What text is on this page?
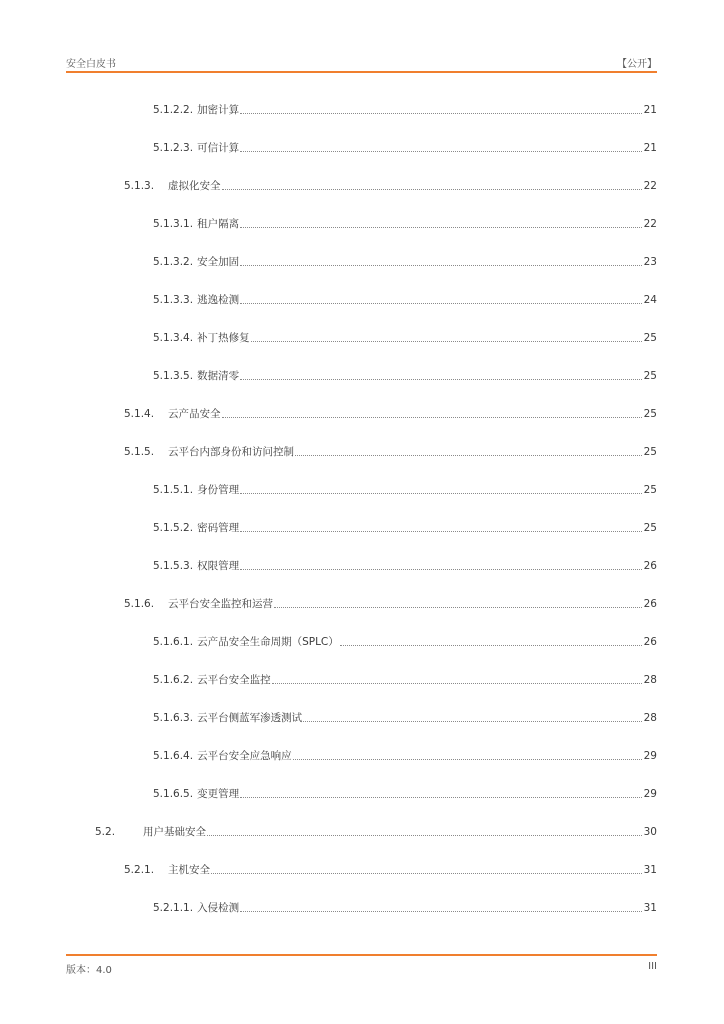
安全白皮书	【公开】
5.1.2.2. 加密计算	21
5.1.2.3. 可信计算	21
5.1.3.	虚拟化安全	22
5.1.3.1. 租户隔离	22
5.1.3.2. 安全加固	23
5.1.3.3. 逃逸检测	24
5.1.3.4. 补丁热修复	25
5.1.3.5. 数据清零	25
5.1.4.	云产品安全	25
5.1.5.	云平台内部身份和访问控制	25
5.1.5.1. 身份管理	25
5.1.5.2. 密码管理	25
5.1.5.3. 权限管理	26
5.1.6.	云平台安全监控和运营	26
5.1.6.1. 云产品安全生命周期（SPLC）	26
5.1.6.2. 云平台安全监控	28
5.1.6.3. 云平台侧蓝军渗透测试	28
5.1.6.4. 云平台安全应急响应	29
5.1.6.5. 变更管理	29
5.2.	用户基础安全	30
5.2.1.	主机安全	31
5.2.1.1. 入侵检测	31
版本：4.0	III
